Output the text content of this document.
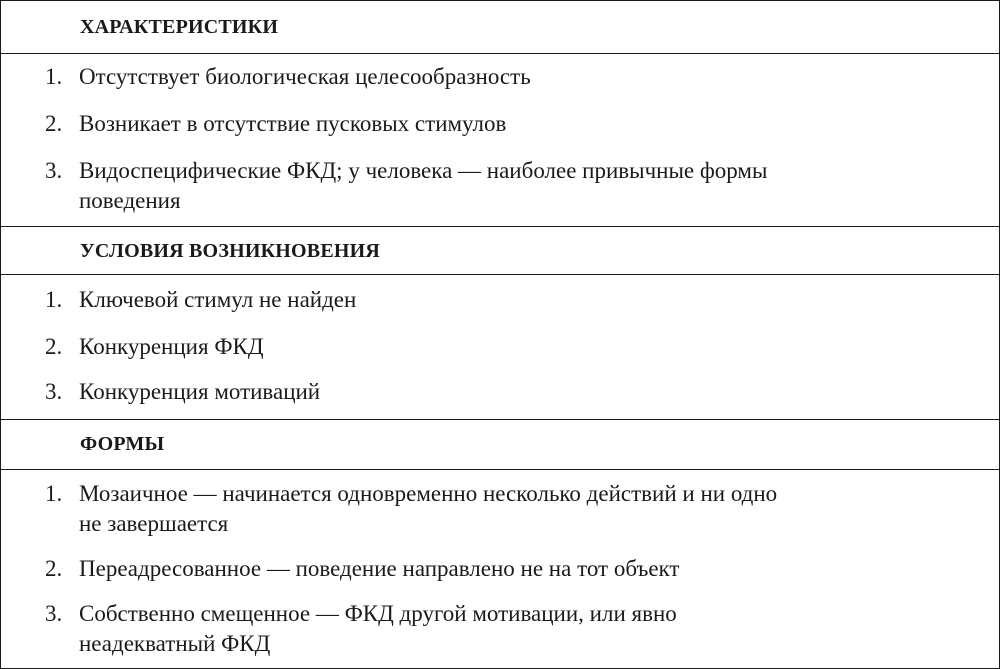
ХАРАКТЕРИСТИКИ
1. Отсутствует биологическая целесообразность
2. Возникает в отсутствие пусковых стимулов
3. Видоспецифические ФКД; у человека — наиболее привычные формы
поведения
УСЛОВИЯ ВОЗНИКНОВЕНИЯ
1. Ключевой стимул не найден
2. Конкуренция ФКД
3. Конкуренция мотиваций
ФОРМЫ
1. Мозаичное — начинается одновременно несколько действий и ни одно
не завершается
2. Переадресованное — поведение направлено не на тот объект
3. Собственно смещенное — ФКД другой мотивации, или явно
неадекватный ФКД
